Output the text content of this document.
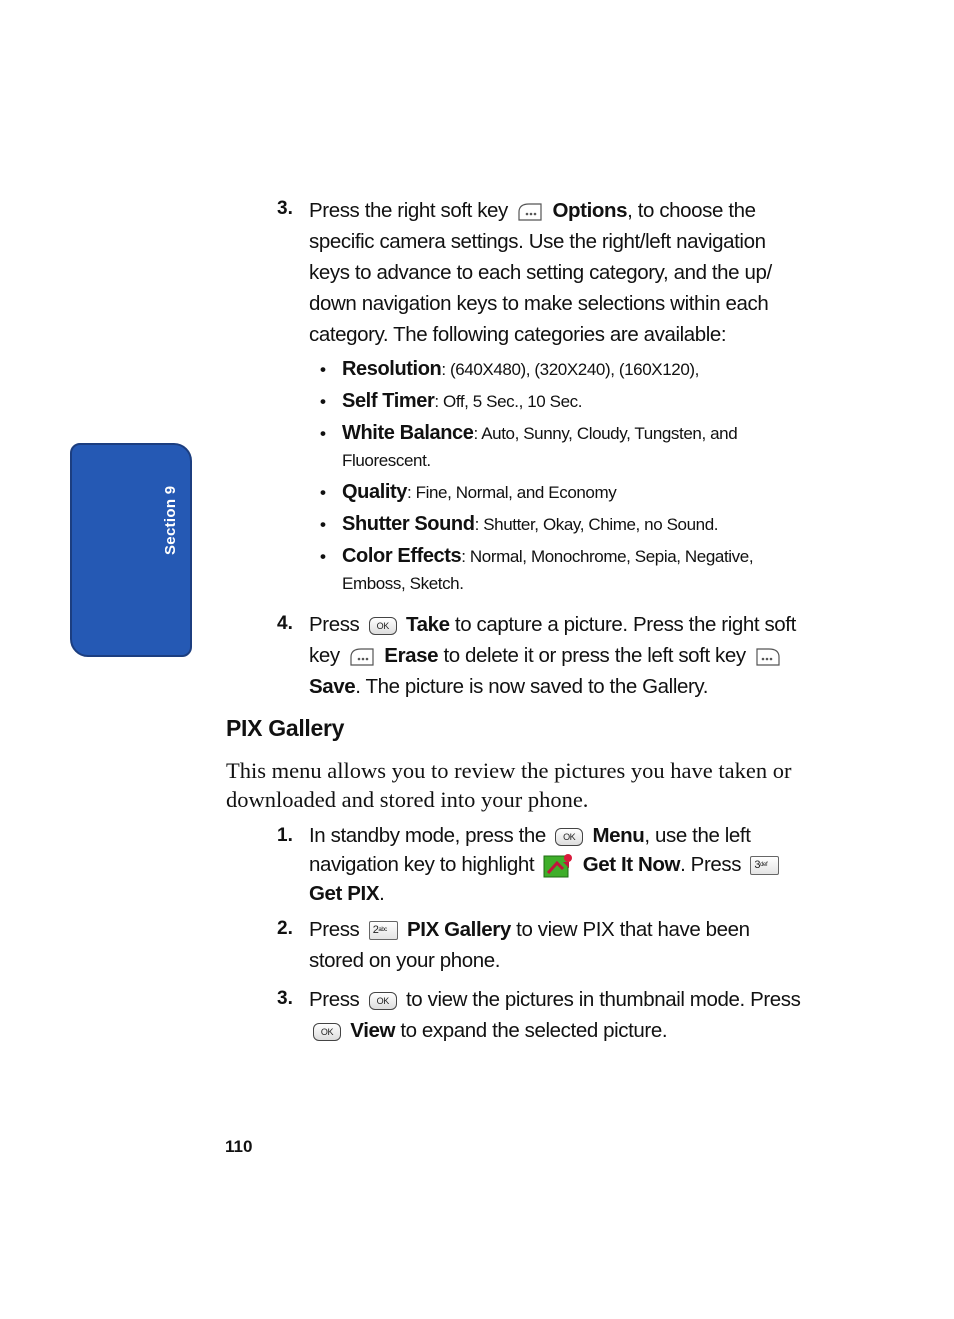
Section 9
3. Press the right soft key Options, to choose the specific camera settings. Use the right/left navigation keys to advance to each setting category, and the up/ down navigation keys to make selections within each category. The following categories are available:
• Resolution: (640X480), (320X240), (160X120),
• Self Timer: Off, 5 Sec., 10 Sec.
• White Balance: Auto, Sunny, Cloudy, Tungsten, and Fluorescent.
• Quality: Fine, Normal, and Economy
• Shutter Sound: Shutter, Okay, Chime, no Sound.
• Color Effects: Normal, Monochrome, Sepia, Negative, Emboss, Sketch.
4. Press OK Take to capture a picture. Press the right soft key Erase to delete it or press the left soft key
Save. The picture is now saved to the Gallery.
PIX Gallery
This menu allows you to review the pictures you have taken or downloaded and stored into your phone.
1. In standby mode, press the OK Menu, use the left navigation key to highlight Get It Now. Press $3^{def}$
Get PIX.
2. Press $2^{abc}$ PIX Gallery to view PIX that have been stored on your phone.
3. Press OK to view the pictures in thumbnail mode. Press OK View to expand the selected picture.
110
